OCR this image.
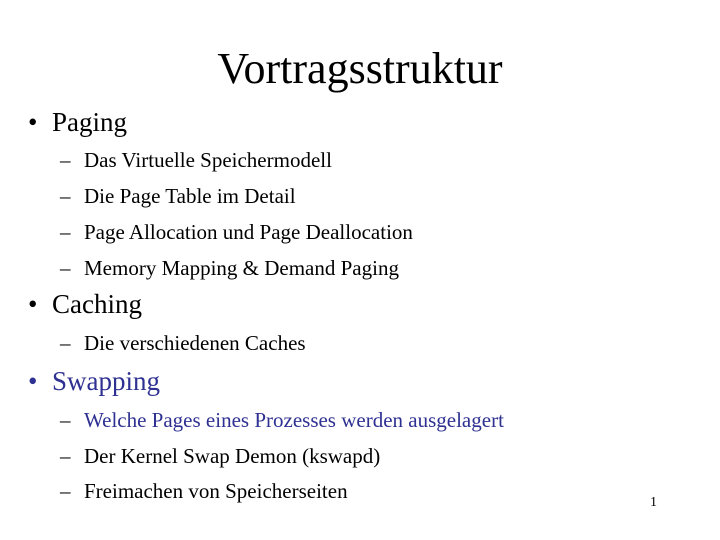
Vortragsstruktur
• Paging
– Das Virtuelle Speichermodell
– Die Page Table im Detail
– Page Allocation und Page Deallocation
– Memory Mapping & Demand Paging
• Caching
– Die verschiedenen Caches
• Swapping
– Welche Pages eines Prozesses werden ausgelagert
– Der Kernel Swap Demon (kswapd)
– Freimachen von Speicherseiten	1
